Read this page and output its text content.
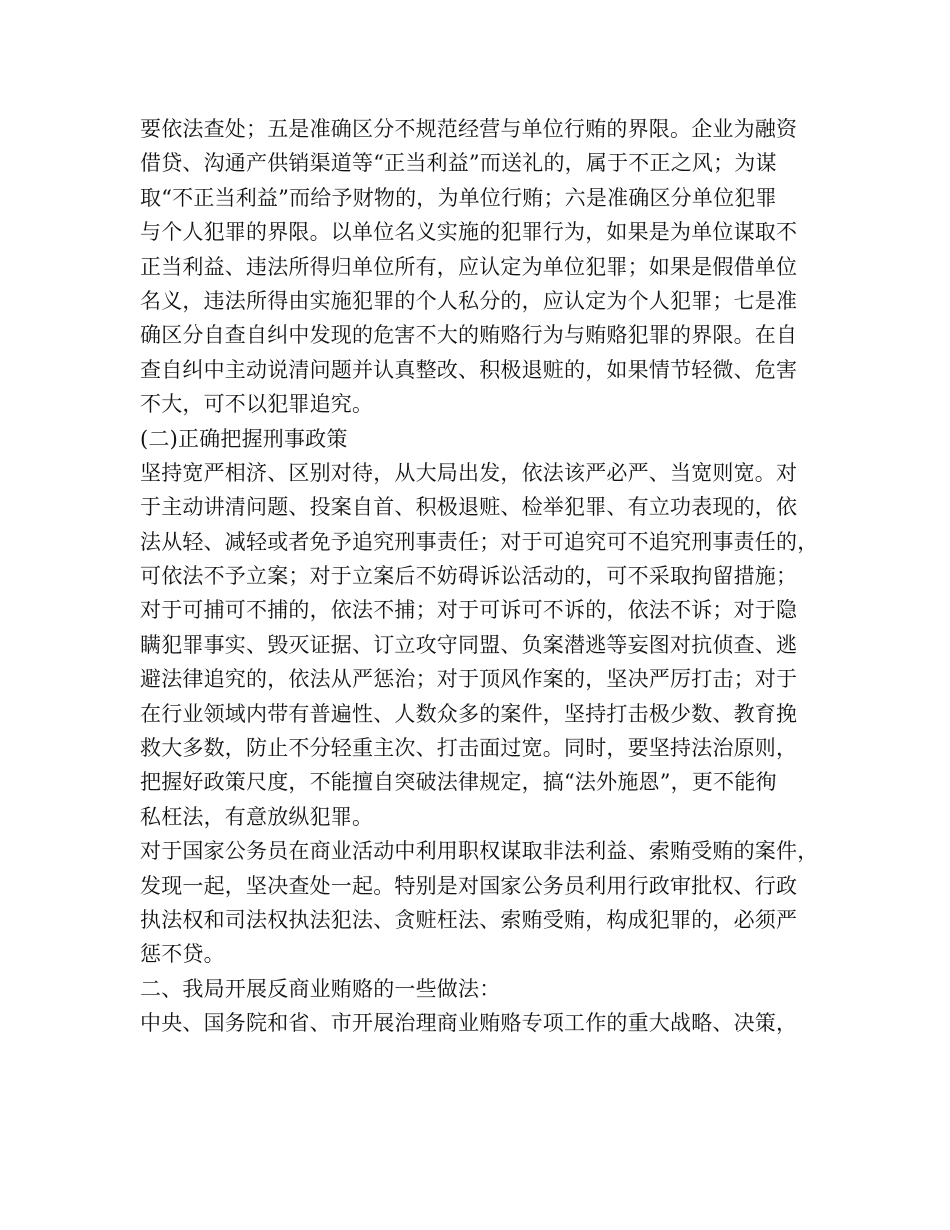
要依法查处；五是准确区分不规范经营与单位行贿的界限。企业为融资
借贷、沟通产供销渠道等“正当利益”而送礼的，属于不正之风；为谋
取“不正当利益”而给予财物的，为单位行贿；六是准确区分单位犯罪
与个人犯罪的界限。以单位名义实施的犯罪行为，如果是为单位谋取不
正当利益、违法所得归单位所有，应认定为单位犯罪；如果是假借单位
名义，违法所得由实施犯罪的个人私分的，应认定为个人犯罪；七是准
确区分自查自纠中发现的危害不大的贿赂行为与贿赂犯罪的界限。在自
查自纠中主动说清问题并认真整改、积极退赃的，如果情节轻微、危害
不大，可不以犯罪追究。
(二)正确把握刑事政策
坚持宽严相济、区别对待，从大局出发，依法该严必严、当宽则宽。对
于主动讲清问题、投案自首、积极退赃、检举犯罪、有立功表现的，依
法从轻、减轻或者免予追究刑事责任；对于可追究可不追究刑事责任的，
可依法不予立案；对于立案后不妨碍诉讼活动的，可不采取拘留措施；
对于可捕可不捕的，依法不捕；对于可诉可不诉的，依法不诉；对于隐
瞒犯罪事实、毁灭证据、订立攻守同盟、负案潜逃等妄图对抗侦查、逃
避法律追究的，依法从严惩治；对于顶风作案的，坚决严厉打击；对于
在行业领域内带有普遍性、人数众多的案件，坚持打击极少数、教育挽
救大多数，防止不分轻重主次、打击面过宽。同时，要坚持法治原则，
把握好政策尺度，不能擅自突破法律规定，搞“法外施恩”，更不能徇
私枉法，有意放纵犯罪。
对于国家公务员在商业活动中利用职权谋取非法利益、索贿受贿的案件，
发现一起，坚决查处一起。特别是对国家公务员利用行政审批权、行政
执法权和司法权执法犯法、贪赃枉法、索贿受贿，构成犯罪的，必须严
惩不贷。
二、我局开展反商业贿赂的一些做法：
中央、国务院和省、市开展治理商业贿赂专项工作的重大战略、决策，
